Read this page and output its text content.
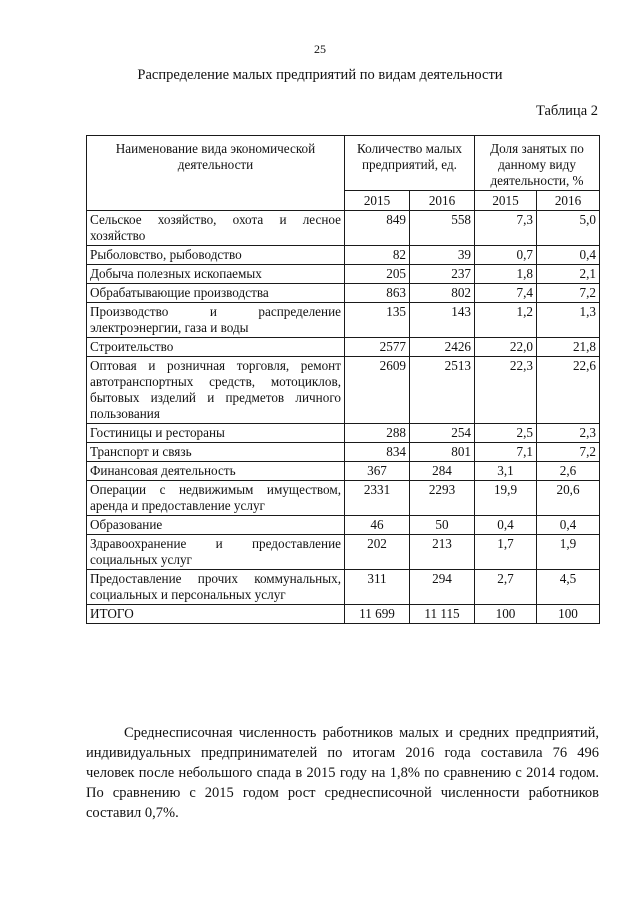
25
Распределение малых предприятий по видам деятельности
Таблица 2
Наименование вида экономической деятельности	Количество малых предприятий, ед.		Доля занятых по данному виду деятельности, %	
	2015	2016	2015	2016
Сельское хозяйство, охота и лесное хозяйство	849	558	7,3	5,0
Рыболовство, рыбоводство	82	39	0,7	0,4
Добыча полезных ископаемых	205	237	1,8	2,1
Обрабатывающие производства	863	802	7,4	7,2
Производство и распределение электроэнергии, газа и воды	135	143	1,2	1,3
Строительство	2577	2426	22,0	21,8
Оптовая и розничная торговля, ремонт автотранспортных средств, мотоциклов, бытовых изделий и предметов личного пользования	2609	2513	22,3	22,6
Гостиницы и рестораны	288	254	2,5	2,3
Транспорт и связь	834	801	7,1	7,2
Финансовая деятельность	367	284	3,1	2,6
Операции с недвижимым имуществом, аренда и предоставление услуг	2331	2293	19,9	20,6
Образование	46	50	0,4	0,4
Здравоохранение и предоставление социальных услуг	202	213	1,7	1,9
Предоставление прочих коммунальных, социальных и персональных услуг	311	294	2,7	4,5
ИТОГО	11 699	11 115	100	100
Среднесписочная численность работников малых и средних предприятий, индивидуальных предпринимателей по итогам 2016 года составила 76 496 человек после небольшого спада в 2015 году на 1,8% по сравнению с 2014 годом. По сравнению с 2015 годом рост среднесписочной численности работников составил 0,7%.
